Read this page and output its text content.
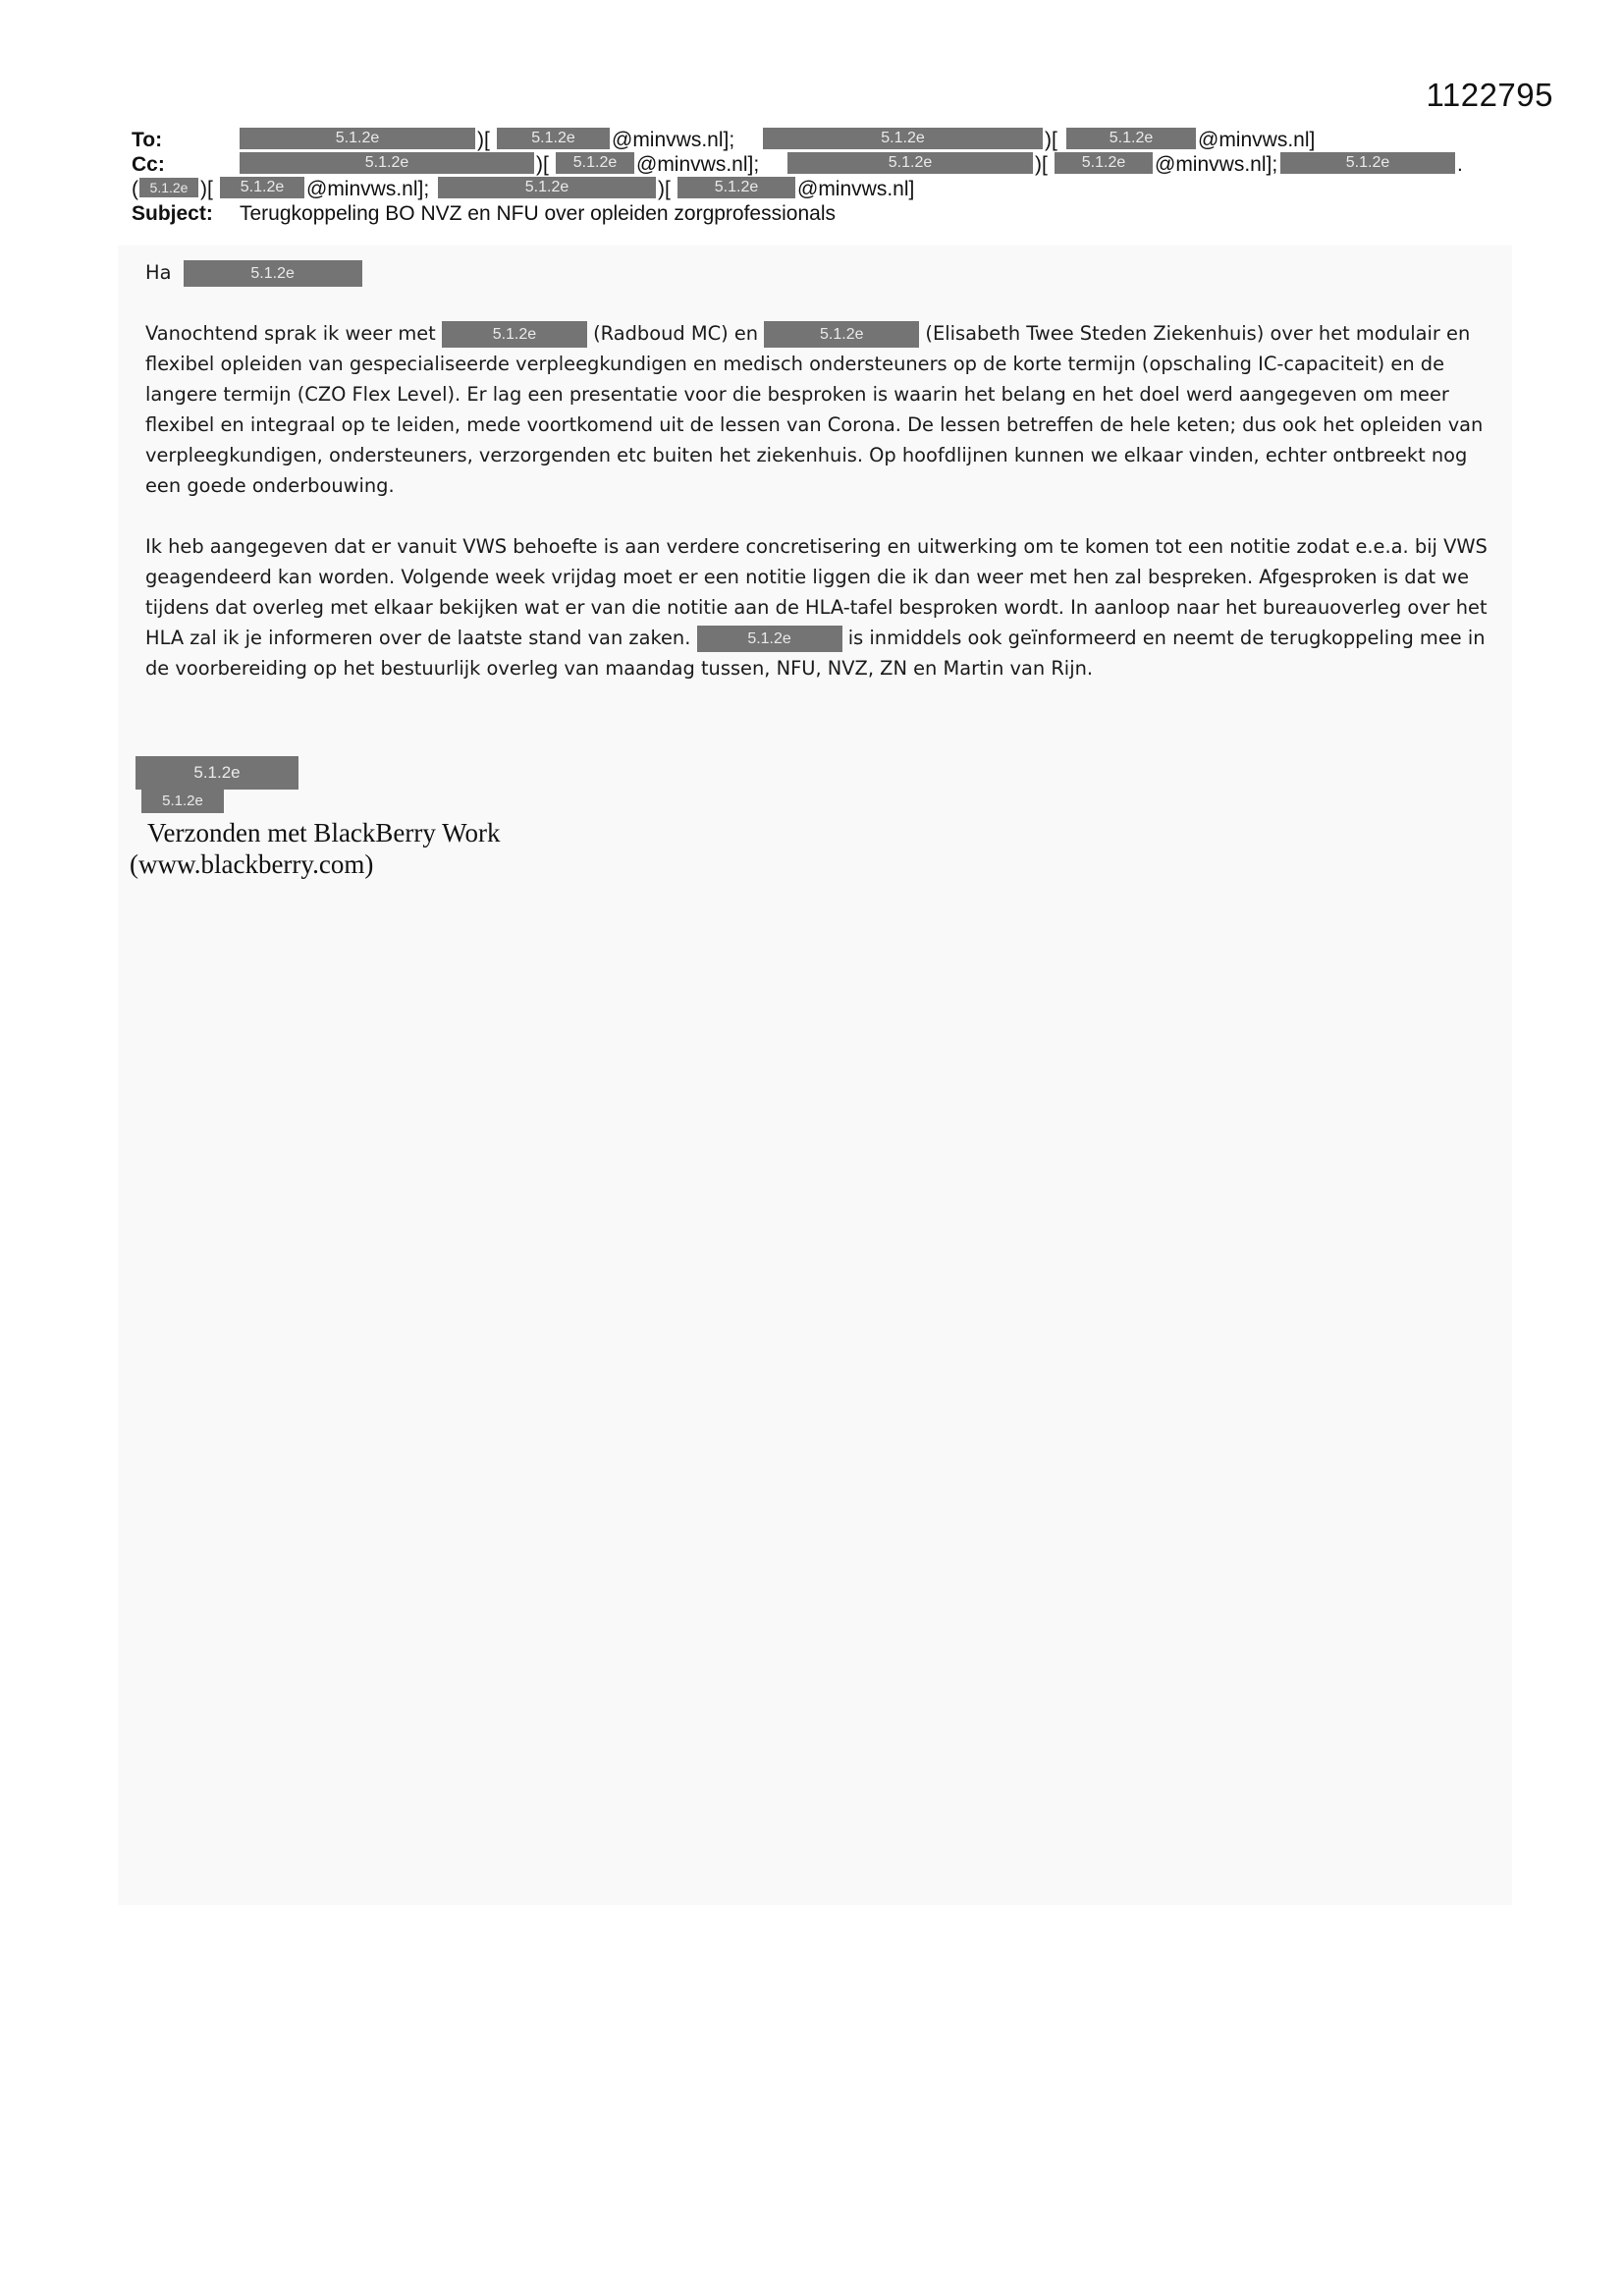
1122795
To:	5.1.2e	)[	5.1.2e	@minvws.nl];	5.1.2e	)[	5.1.2e	@minvws.nl]
Cc:	5.1.2e	)[	5.1.2e @minvws.nl];	5.1.2e	)[	5.1.2e	@minvws.nl];	5.1.2e	.
( 5.1.2e )[	5.1.2e	@minvws.nl];	5.1.2e	)[	5.1.2e	@minvws.nl]
Subject: Terugkoppeling BO NVZ en NFU over opleiden zorgprofessionals

Ha	5.1.2e

Vanochtend sprak ik weer met	5.1.2e	(Radboud MC) en	5.1.2e	(Elisabeth Twee Steden Ziekenhuis) over het modulair en flexibel opleiden van gespecialiseerde verpleegkundigen en medisch ondersteuners op de korte termijn (opschaling IC-capaciteit) en de langere termijn (CZO Flex Level). Er lag een presentatie voor die besproken is waarin het belang en het doel werd aangegeven om meer flexibel en integraal op te leiden, mede voortkomend uit de lessen van Corona. De lessen betreffen de hele keten; dus ook het opleiden van verpleegkundigen, ondersteuners, verzorgenden etc buiten het ziekenhuis. Op hoofdlijnen kunnen we elkaar vinden, echter ontbreekt nog een goede onderbouwing.

Ik heb aangegeven dat er vanuit VWS behoefte is aan verdere concretisering en uitwerking om te komen tot een notitie zodat e.e.a. bij VWS geagendeerd kan worden. Volgende week vrijdag moet er een notitie liggen die ik dan weer met hen zal bespreken. Afgesproken is dat we tijdens dat overleg met elkaar bekijken wat er van die notitie aan de HLA-tafel besproken wordt. In aanloop naar het bureauoverleg over het HLA zal ik je informeren over de laatste stand van zaken.	5.1.2e	is inmiddels ook geïnformeerd en neemt de terugkoppeling mee in de voorbereiding op het bestuurlijk overleg van maandag tussen, NFU, NVZ, ZN en Martin van Rijn.

5.1.2e
5.1.2e
Verzonden met BlackBerry Work
(www.blackberry.com)
